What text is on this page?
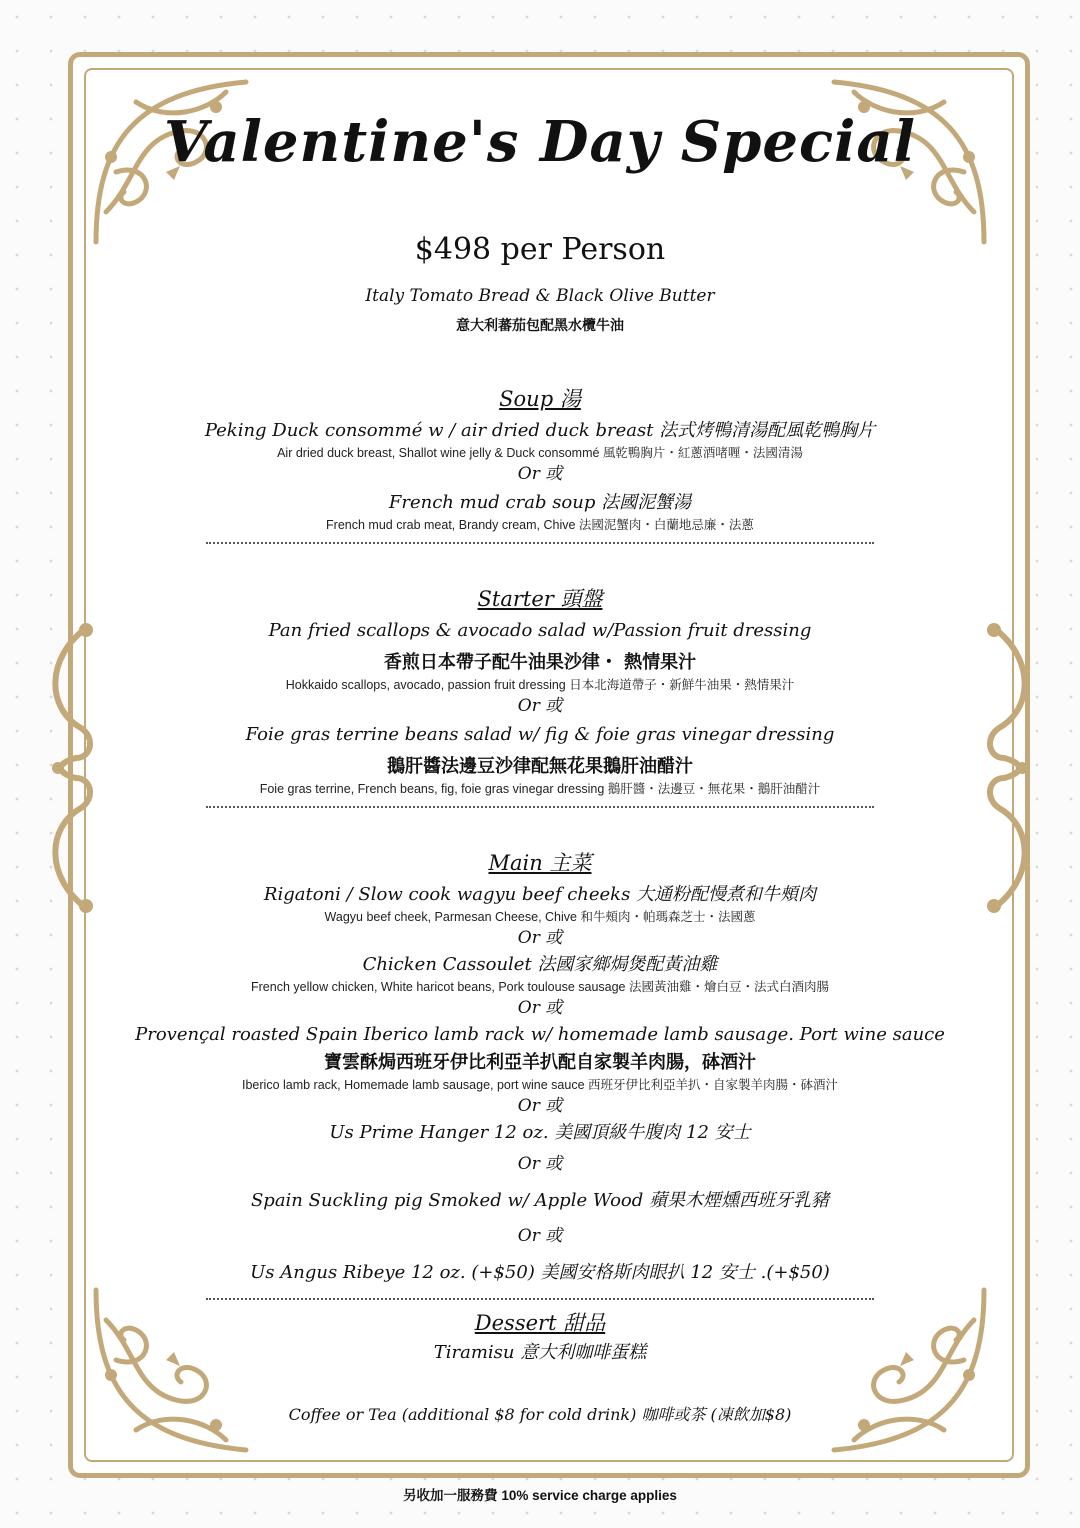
Valentine's Day Special
$498 per Person
Italy Tomato Bread & Black Olive Butter
意大利蕃茄包配黑水欖牛油
Soup 湯
Peking Duck consommé w / air dried duck breast 法式烤鴨清湯配風乾鴨胸片
Air dried duck breast, Shallot wine jelly & Duck consommé 風乾鴨胸片・紅蔥酒啫喱・法國清湯
Or 或
French mud crab soup 法國泥蟹湯
French mud crab meat, Brandy cream, Chive 法國泥蟹肉・白蘭地忌廉・法蔥
Starter 頭盤
Pan fried scallops & avocado salad w/Passion fruit dressing
香煎日本帶子配牛油果沙律・ 熱情果汁
Hokkaido scallops, avocado, passion fruit dressing 日本北海道帶子・新鮮牛油果・熱情果汁
Or 或
Foie gras terrine beans salad w/ fig & foie gras vinegar dressing
鵝肝醬法邊豆沙律配無花果鵝肝油醋汁
Foie gras terrine, French beans, fig, foie gras vinegar dressing 鵝肝醬・法邊豆・無花果・鵝肝油醋汁
Main 主菜
Rigatoni / Slow cook wagyu beef cheeks 大通粉配慢煮和牛頰肉
Wagyu beef cheek, Parmesan Cheese, Chive 和牛頰肉・帕瑪森芝士・法國蔥
Or 或
Chicken Cassoulet 法國家鄉焗煲配黃油雞
French yellow chicken, White haricot beans, Pork toulouse sausage 法國黃油雞・燴白豆・法式白酒肉腸
Or 或
Provençal roasted Spain Iberico lamb rack w/ homemade lamb sausage. Port wine sauce
寶雲酥焗西班牙伊比利亞羊扒配自家製羊肉腸，砵酒汁
Iberico lamb rack, Homemade lamb sausage, port wine sauce 西班牙伊比利亞羊扒・自家製羊肉腸・砵酒汁
Or 或
Us Prime Hanger 12 oz. 美國頂級牛腹肉 12 安士
Or 或
Spain Suckling pig Smoked w/ Apple Wood 蘋果木煙燻西班牙乳豬
Or 或
Us Angus Ribeye 12 oz. (+$50) 美國安格斯肉眼扒 12 安士 .(+$50)
Dessert 甜品
Tiramisu 意大利咖啡蛋糕
Coffee or Tea (additional $8 for cold drink) 咖啡或茶 (凍飲加$8)
另收加一服務費 10% service charge applies
